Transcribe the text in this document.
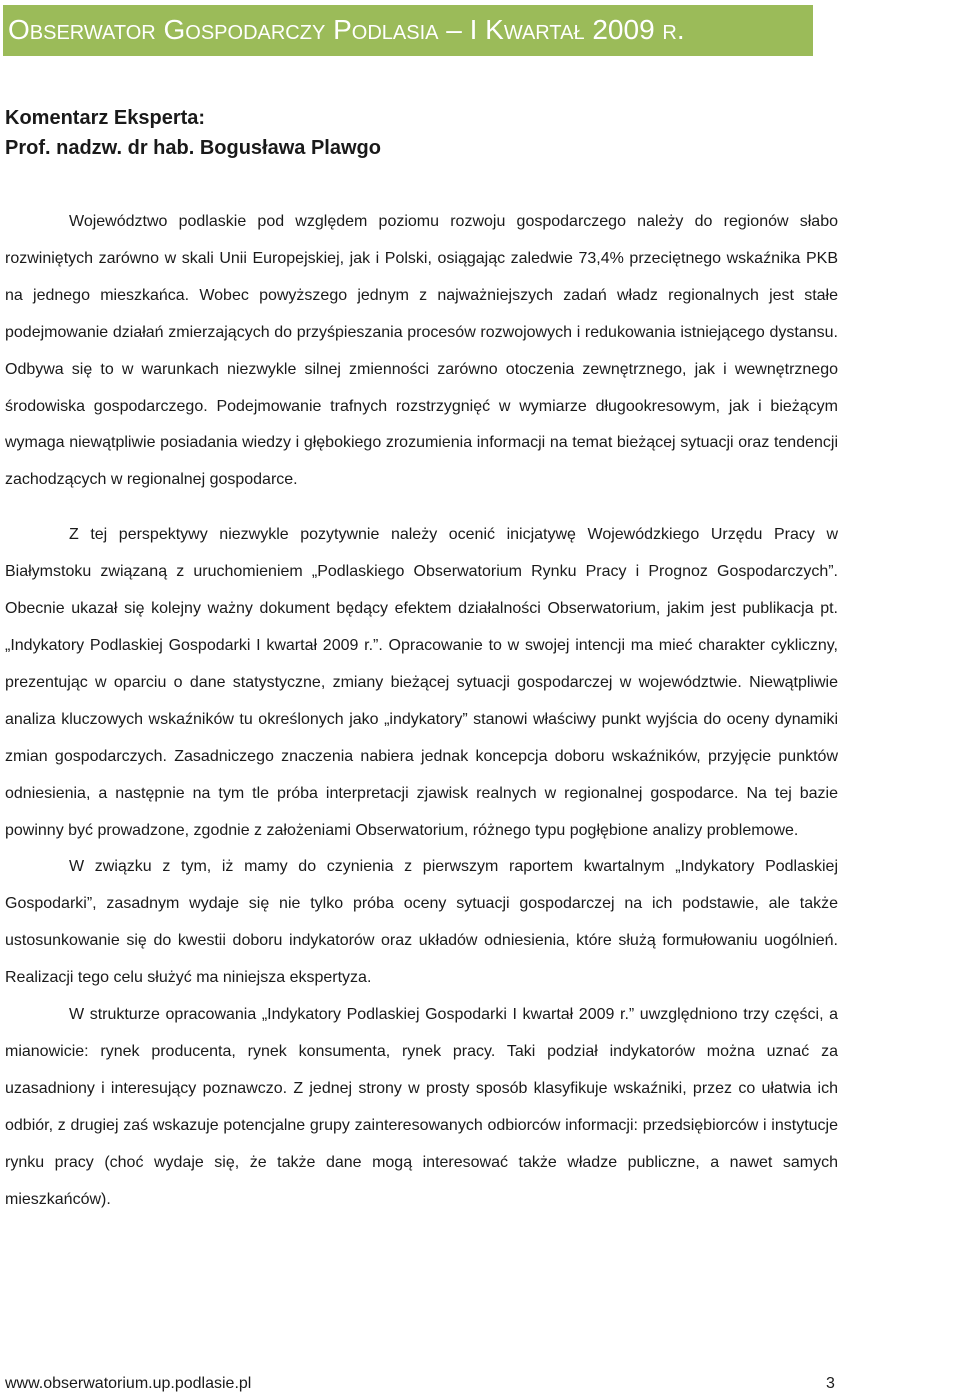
Obserwator Gospodarczy Podlasia – I Kwartał 2009 r.
Komentarz Eksperta:
Prof. nadzw. dr hab. Bogusława Plawgo

Województwo podlaskie pod względem poziomu rozwoju gospodarczego należy do regionów słabo rozwiniętych zarówno w skali Unii Europejskiej, jak i Polski, osiągając zaledwie 73,4% przeciętnego wskaźnika PKB na jednego mieszkańca. Wobec powyższego jednym z najważniejszych zadań władz regionalnych jest stałe podejmowanie działań zmierzających do przyśpieszania procesów rozwojowych i redukowania istniejącego dystansu. Odbywa się to w warunkach niezwykle silnej zmienności zarówno otoczenia zewnętrznego, jak i wewnętrznego środowiska gospodarczego. Podejmowanie trafnych rozstrzygnięć w wymiarze długookresowym, jak i bieżącym wymaga niewątpliwie posiadania wiedzy i głębokiego zrozumienia informacji na temat bieżącej sytuacji oraz tendencji zachodzących w regionalnej gospodarce.

Z tej perspektywy niezwykle pozytywnie należy ocenić inicjatywę Wojewódzkiego Urzędu Pracy w Białymstoku związaną z uruchomieniem „Podlaskiego Obserwatorium Rynku Pracy i Prognoz Gospodarczych”. Obecnie ukazał się kolejny ważny dokument będący efektem działalności Obserwatorium, jakim jest publikacja pt. „Indykatory Podlaskiej Gospodarki I kwartał 2009 r.”. Opracowanie to w swojej intencji ma mieć charakter cykliczny, prezentując w oparciu o dane statystyczne, zmiany bieżącej sytuacji gospodarczej w województwie. Niewątpliwie analiza kluczowych wskaźników tu określonych jako „indykatory” stanowi właściwy punkt wyjścia do oceny dynamiki zmian gospodarczych. Zasadniczego znaczenia nabiera jednak koncepcja doboru wskaźników, przyjęcie punktów odniesienia, a następnie na tym tle próba interpretacji zjawisk realnych w regionalnej gospodarce. Na tej bazie powinny być prowadzone, zgodnie z założeniami Obserwatorium, różnego typu pogłębione analizy problemowe.

W związku z tym, iż mamy do czynienia z pierwszym raportem kwartalnym „Indykatory Podlaskiej Gospodarki”, zasadnym wydaje się nie tylko próba oceny sytuacji gospodarczej na ich podstawie, ale także ustosunkowanie się do kwestii doboru indykatorów oraz układów odniesienia, które służą formułowaniu uogólnień. Realizacji tego celu służyć ma niniejsza ekspertyza.

W strukturze opracowania „Indykatory Podlaskiej Gospodarki I kwartał 2009 r.” uwzględniono trzy części, a mianowicie: rynek producenta, rynek konsumenta, rynek pracy. Taki podział indykatorów można uznać za uzasadniony i interesujący poznawczo. Z jednej strony w prosty sposób klasyfikuje wskaźniki, przez co ułatwia ich odbiór, z drugiej zaś wskazuje potencjalne grupy zainteresowanych odbiorców informacji: przedsiębiorców i instytucje rynku pracy (choć wydaje się, że także dane mogą interesować także władze publiczne, a nawet samych mieszkańców).

www.obserwatorium.up.podlasie.pl	3
